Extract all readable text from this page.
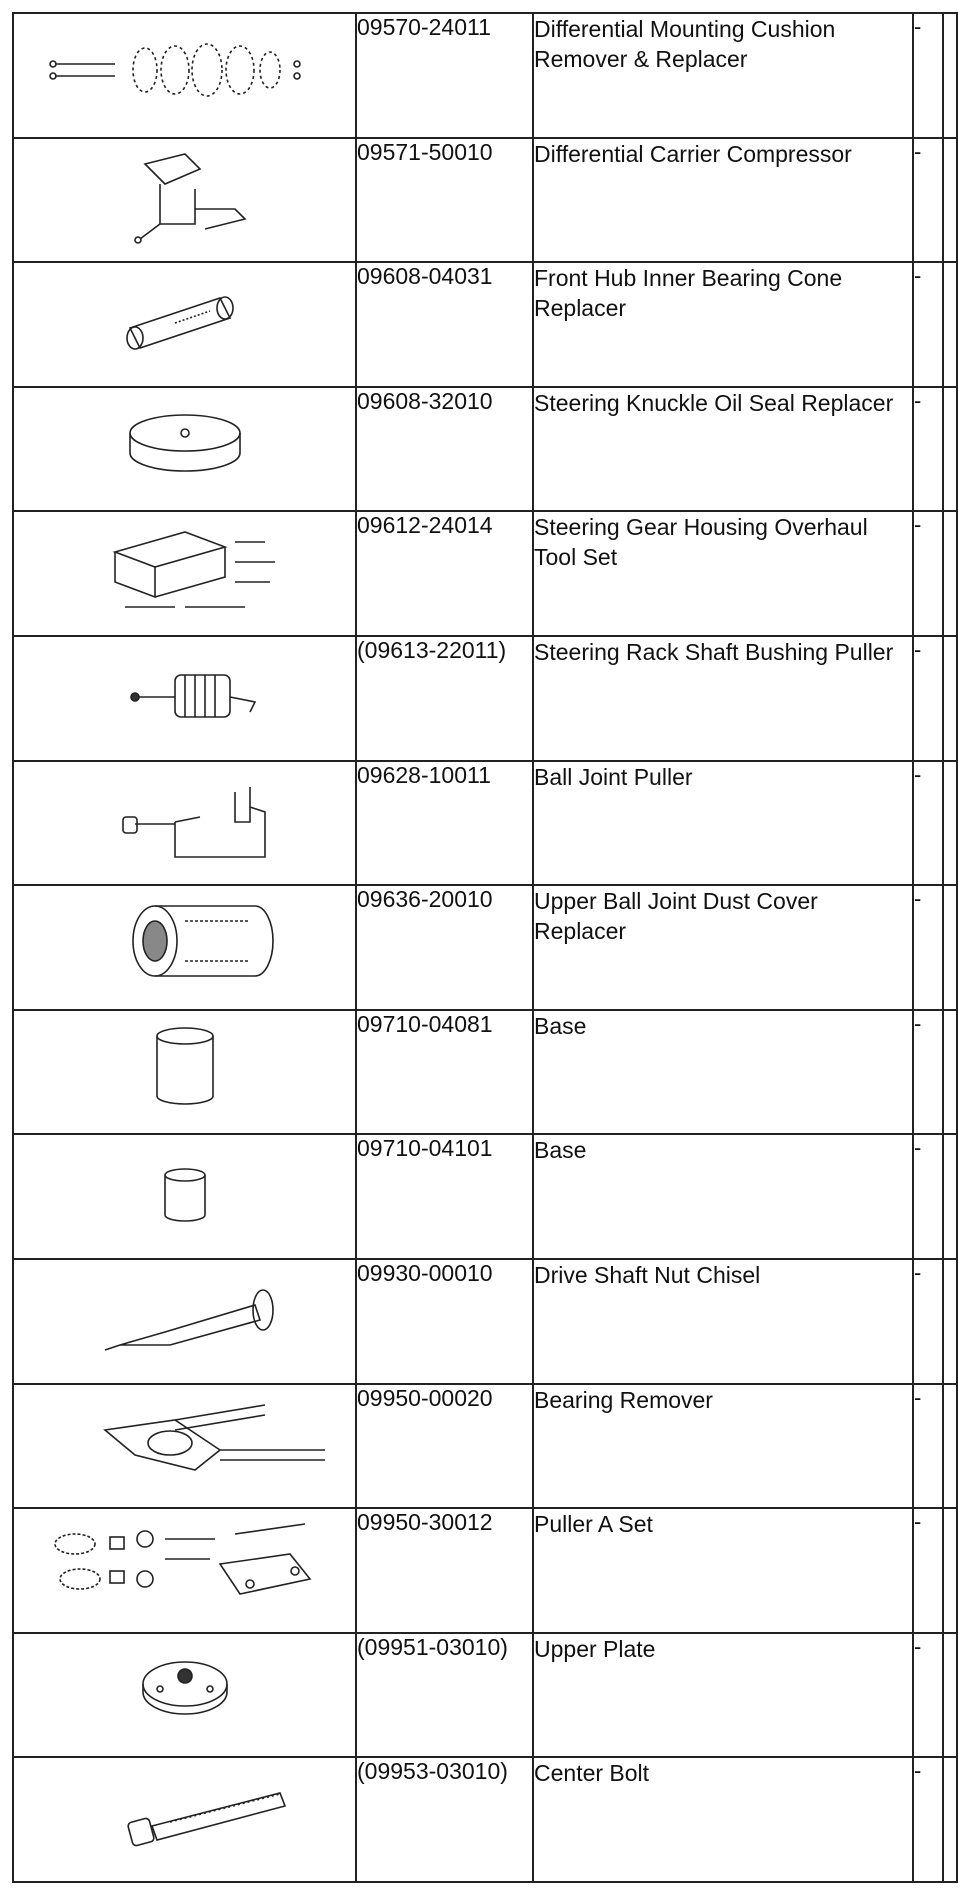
	09570-24011	Differential Mounting Cushion Remover & Replacer	-	

	09571-50010	Differential Carrier Compressor	-	

	09608-04031	Front Hub Inner Bearing Cone Replacer	-	

	09608-32010	Steering Knuckle Oil Seal Replacer	-	

	09612-24014	Steering Gear Housing Overhaul Tool Set	-	

	(09613-22011)	Steering Rack Shaft Bushing Puller	-	

	09628-10011	Ball Joint Puller	-	

	09636-20010	Upper Ball Joint Dust Cover Replacer	-	

	09710-04081	Base	-	

	09710-04101	Base	-	

	09930-00010	Drive Shaft Nut Chisel	-	

	09950-00020	Bearing Remover	-	

	09950-30012	Puller A Set	-	

	(09951-03010)	Upper Plate	-	

	(09953-03010)	Center Bolt	-	
